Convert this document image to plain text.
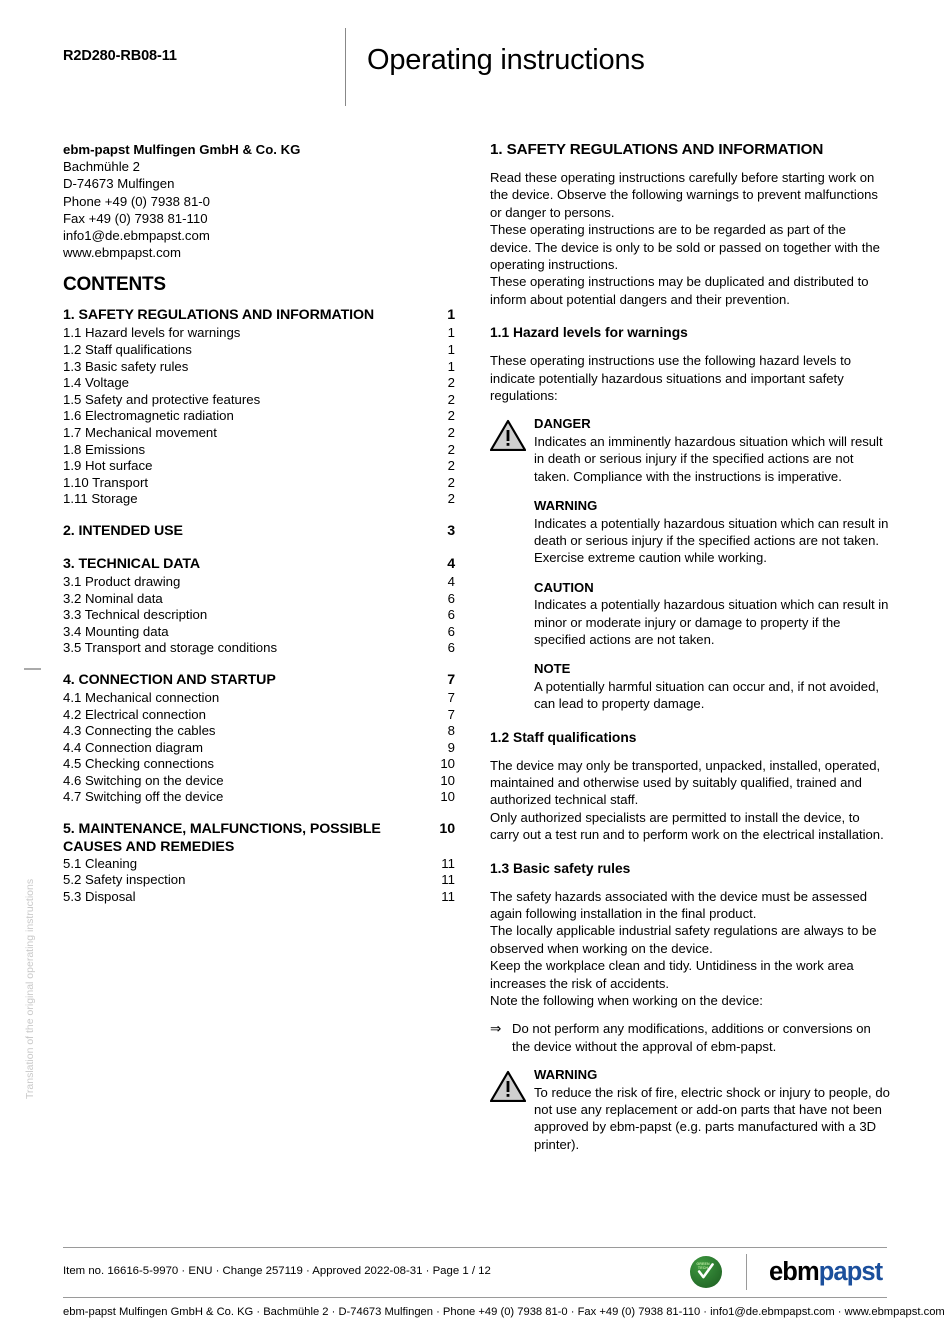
R2D280-RB08-11	Operating instructions
Translation of the original operating instructions
ebm-papst Mulfingen GmbH & Co. KG
Bachmühle 2
D-74673 Mulfingen
Phone +49 (0) 7938 81-0
Fax +49 (0) 7938 81-110
info1@de.ebmpapst.com
www.ebmpapst.com
CONTENTS
1. SAFETY REGULATIONS AND INFORMATION	1
1.1 Hazard levels for warnings	1
1.2 Staff qualifications	1
1.3 Basic safety rules	1
1.4 Voltage	2
1.5 Safety and protective features	2
1.6 Electromagnetic radiation	2
1.7 Mechanical movement	2
1.8 Emissions	2
1.9 Hot surface	2
1.10 Transport	2
1.11 Storage	2
2. INTENDED USE	3
3. TECHNICAL DATA	4
3.1 Product drawing	4
3.2 Nominal data	6
3.3 Technical description	6
3.4 Mounting data	6
3.5 Transport and storage conditions	6
4. CONNECTION AND STARTUP	7
4.1 Mechanical connection	7
4.2 Electrical connection	7
4.3 Connecting the cables	8
4.4 Connection diagram	9
4.5 Checking connections	10
4.6 Switching on the device	10
4.7 Switching off the device	10
5. MAINTENANCE, MALFUNCTIONS, POSSIBLE	10
CAUSES AND REMEDIES
5.1 Cleaning	11
5.2 Safety inspection	11
5.3 Disposal	11
1. SAFETY REGULATIONS AND INFORMATION
Read these operating instructions carefully before starting work on the device. Observe the following warnings to prevent malfunctions or danger to persons.
These operating instructions are to be regarded as part of the device. The device is only to be sold or passed on together with the operating instructions.
These operating instructions may be duplicated and distributed to inform about potential dangers and their prevention.
1.1 Hazard levels for warnings
These operating instructions use the following hazard levels to indicate potentially hazardous situations and important safety regulations:
DANGER
Indicates an imminently hazardous situation which will result in death or serious injury if the specified actions are not taken. Compliance with the instructions is imperative.
WARNING
Indicates a potentially hazardous situation which can result in death or serious injury if the specified actions are not taken. Exercise extreme caution while working.
CAUTION
Indicates a potentially hazardous situation which can result in minor or moderate injury or damage to property if the specified actions are not taken.
NOTE
A potentially harmful situation can occur and, if not avoided, can lead to property damage.
1.2 Staff qualifications
The device may only be transported, unpacked, installed, operated, maintained and otherwise used by suitably qualified, trained and authorized technical staff.
Only authorized specialists are permitted to install the device, to carry out a test run and to perform work on the electrical installation.
1.3 Basic safety rules
The safety hazards associated with the device must be assessed again following installation in the final product.
The locally applicable industrial safety regulations are always to be observed when working on the device.
Keep the workplace clean and tidy. Untidiness in the work area increases the risk of accidents.
Note the following when working on the device:
⇒ Do not perform any modifications, additions or conversions on the device without the approval of ebm-papst.
WARNING
To reduce the risk of fire, electric shock or injury to people, do not use any replacement or add-on parts that have not been approved by ebm-papst (e.g. parts manufactured with a 3D printer).
Item no. 16616-5-9970 · ENU · Change 257119 · Approved 2022-08-31 · Page 1 / 12
GREEN
TECH ebmpapst
ebm-papst Mulfingen GmbH & Co. KG · Bachmühle 2 · D-74673 Mulfingen · Phone +49 (0) 7938 81-0 · Fax +49 (0) 7938 81-110 · info1@de.ebmpapst.com · www.ebmpapst.com
